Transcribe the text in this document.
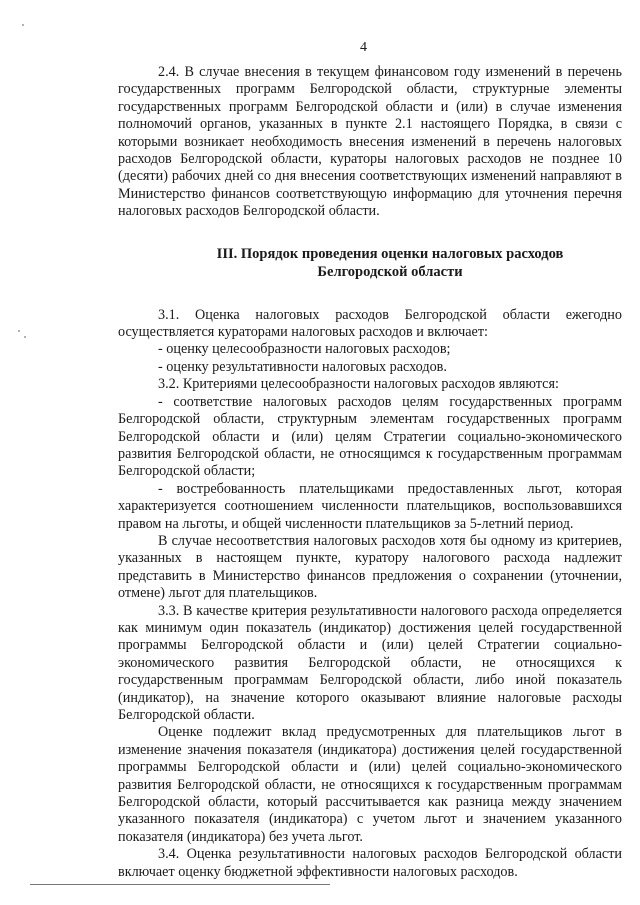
4

2.4. В случае внесения в текущем финансовом году изменений в перечень государственных программ Белгородской области, структурные элементы государственных программ Белгородской области и (или) в случае изменения полномочий органов, указанных в пункте 2.1 настоящего Порядка, в связи с которыми возникает необходимость внесения изменений в перечень налоговых расходов Белгородской области, кураторы налоговых расходов не позднее 10 (десяти) рабочих дней со дня внесения соответствующих изменений направляют в Министерство финансов соответствующую информацию для уточнения перечня налоговых расходов Белгородской области.

III. Порядок проведения оценки налоговых расходов
Белгородской области

3.1. Оценка налоговых расходов Белгородской области ежегодно осуществляется кураторами налоговых расходов и включает:

- оценку целесообразности налоговых расходов;

- оценку результативности налоговых расходов.

3.2. Критериями целесообразности налоговых расходов являются:

- соответствие налоговых расходов целям государственных программ Белгородской области, структурным элементам государственных программ Белгородской области и (или) целям Стратегии социально-экономического развития Белгородской области, не относящимся к государственным программам Белгородской области;

- востребованность плательщиками предоставленных льгот, которая характеризуется соотношением численности плательщиков, воспользовавшихся правом на льготы, и общей численности плательщиков за 5-летний период.

В случае несоответствия налоговых расходов хотя бы одному из критериев, указанных в настоящем пункте, куратору налогового расхода надлежит представить в Министерство финансов предложения о сохранении (уточнении, отмене) льгот для плательщиков.

3.3. В качестве критерия результативности налогового расхода определяется как минимум один показатель (индикатор) достижения целей государственной программы Белгородской области и (или) целей Стратегии социально-экономического развития Белгородской области, не относящихся к государственным программам Белгородской области, либо иной показатель (индикатор), на значение которого оказывают влияние налоговые расходы Белгородской области.

Оценке подлежит вклад предусмотренных для плательщиков льгот в изменение значения показателя (индикатора) достижения целей государственной программы Белгородской области и (или) целей социально-экономического развития Белгородской области, не относящихся к государственным программам Белгородской области, который рассчитывается как разница между значением указанного показателя (индикатора) с учетом льгот и значением указанного показателя (индикатора) без учета льгот.

3.4. Оценка результативности налоговых расходов Белгородской области включает оценку бюджетной эффективности налоговых расходов.
